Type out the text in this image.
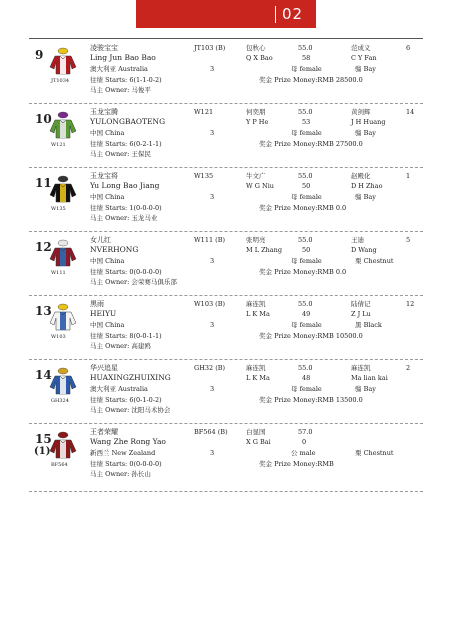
02
9
JT1034
凌骏宝宝
Ling Jun Bao Bao
澳大利亚 Australia
往绩 Starts: 6(1-1-0-2)
马主 Owner: 马俊平
JT103 (B)
3
包秋心
Q X Bao
55.0
58
母 female
奖金 Prize Money:RMB 28500.0
范成义
C Y Fan
骝 Bay
6
10
W121
玉龙宝腾
YULONGBAOTENG
中国 China
往绩 Starts: 6(0-2-1-1)
马主 Owner: 王保民
W121
3
何奕朋
Y P He
55.0
53
母 female
奖金 Prize Money:RMB 27500.0
黄剑辉
J H Huang
骝 Bay
14
11
W135
玉龙宝将
Yu Long Bao Jiang
中国 China
往绩 Starts: 1(0-0-0-0)
马主 Owner: 玉龙马业
W135
3
牛文广
W G Niu
55.0
50
母 female
奖金 Prize Money:RMB 0.0
赵殿化
D H Zhao
骝 Bay
1
12
W111
女儿红
NVERHONG
中国 China
往绩 Starts: 0(0-0-0-0)
马主 Owner: 会荣赛马俱乐部
W111 (B)
3
张明亮
M L Zhang
55.0
50
母 female
奖金 Prize Money:RMB 0.0
王迪
D Wang
栗 Chestnut
5
13
W103
黑雨
HEIYU
中国 China
往绩 Starts: 8(0-0-1-1)
马主 Owner: 高建鸥
W103 (B)
3
麻连凯
L K Ma
55.0
49
母 female
奖金 Prize Money:RMB 10500.0
陆倩记
Z J Lu
黑 Black
12
14
GH324
华兴追星
HUAXINGZHUIXING
澳大利亚 Australia
往绩 Starts: 6(0-1-0-2)
马主 Owner: 沈阳马术协会
GH32 (B)
3
麻连凯
L K Ma
55.0
48
母 female
奖金 Prize Money:RMB 13500.0
麻连凯
Ma lian kai
骝 Bay
2
15
(1)
BF564
王者荣耀
Wang Zhe Rong Yao
新西兰 New Zealand
往绩 Starts: 0(0-0-0-0)
马主 Owner: 孙长山
BF564 (B)
3
白显国
X G Bai
57.0
0
公 male
奖金 Prize Money:RMB
栗 Chestnut
